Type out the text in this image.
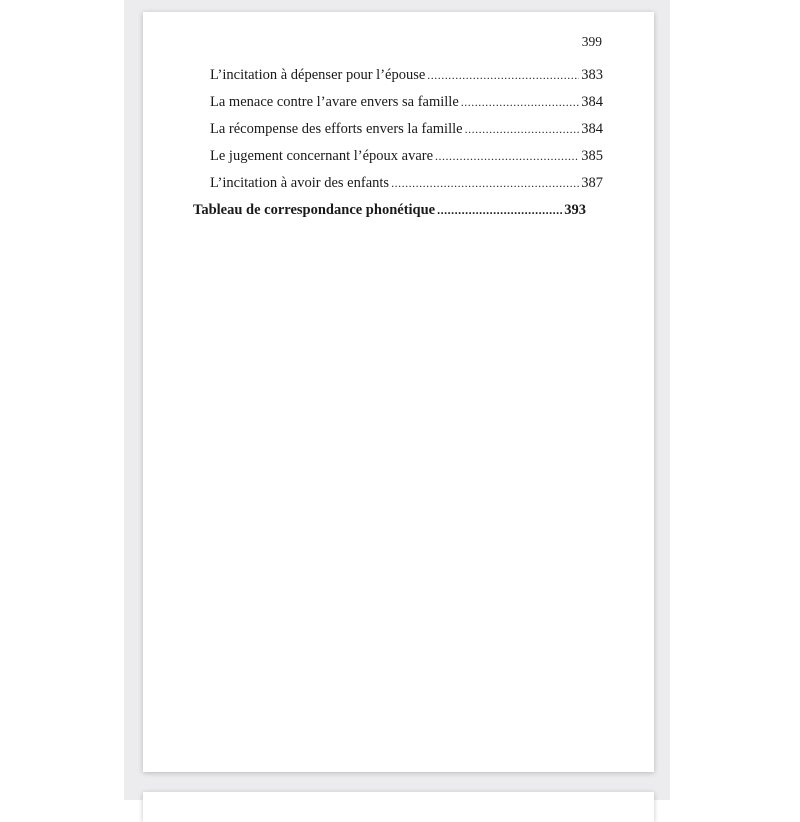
399
L’incitation à dépenser pour l’épouse .....	383
La menace contre l’avare envers sa famille .....	384
La récompense des efforts envers la famille .....	384
Le jugement concernant l’époux avare .....	385
L’incitation à avoir des enfants .....	387
Tableau de correspondance phonétique .....	393
